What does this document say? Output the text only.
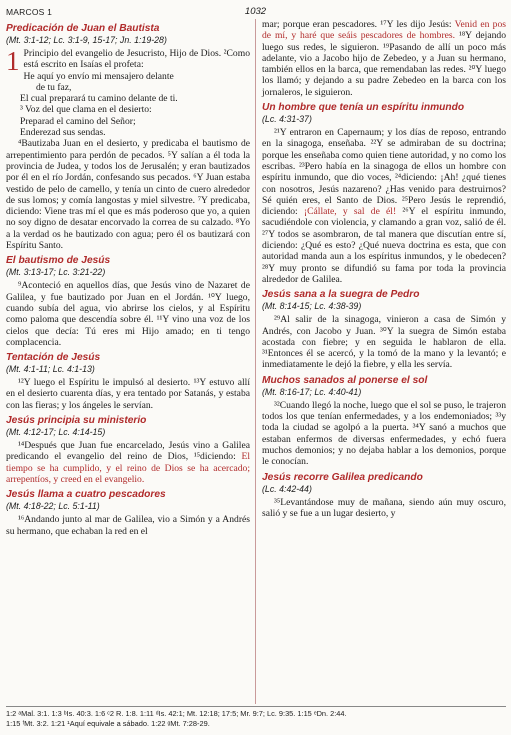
MARCOS 1	1032
Predicación de Juan el Bautista
(Mt. 3:1-12; Lc. 3:1-9, 15-17; Jn. 1:19-28)

1 Principio del evangelio de Jesucristo, Hijo de Dios. ²Como está escrito en Isaías el profeta:

He aquí yo envío mi mensajero delante
de tu faz,
El cual preparará tu camino delante de ti.
³ Voz del que clama en el desierto:
Preparad el camino del Señor;
Enderezad sus sendas.

⁴Bautizaba Juan en el desierto, y predicaba el bautismo de arrepentimiento para perdón de pecados. ⁵Y salían a él toda la provincia de Judea, y todos los de Jerusalén; y eran bautizados por él en el río Jordán, confesando sus pecados. ⁶Y Juan estaba vestido de pelo de camello, y tenía un cinto de cuero alrededor de sus lomos; y comía langostas y miel silvestre. ⁷Y predicaba, diciendo: Viene tras mí el que es más poderoso que yo, a quien no soy digno de desatar encorvado la correa de su calzado. ⁸Yo a la verdad os he bautizado con agua; pero él os bautizará con Espíritu Santo.

El bautismo de Jesús
(Mt. 3:13-17; Lc. 3:21-22)

⁹Aconteció en aquellos días, que Jesús vino de Nazaret de Galilea, y fue bautizado por Juan en el Jordán. ¹⁰Y luego, cuando subía del agua, vio abrirse los cielos, y al Espíritu como paloma que descendía sobre él. ¹¹Y vino una voz de los cielos que decía: Tú eres mi Hijo amado; en ti tengo complacencia.

Tentación de Jesús
(Mt. 4:1-11; Lc. 4:1-13)

¹²Y luego el Espíritu le impulsó al desierto. ¹³Y estuvo allí en el desierto cuarenta días, y era tentado por Satanás, y estaba con las fieras; y los ángeles le servían.

Jesús principia su ministerio
(Mt. 4:12-17; Lc. 4:14-15)

¹⁴Después que Juan fue encarcelado, Jesús vino a Galilea predicando el evangelio del reino de Dios, ¹⁵diciendo: El tiempo se ha cumplido, y el reino de Dios se ha acercado; arrepentíos, y creed en el evangelio.

Jesús llama a cuatro pescadores
(Mt. 4:18-22; Lc. 5:1-11)

¹⁶Andando junto al mar de Galilea, vio a Simón y a Andrés su hermano, que echaban la red en el

mar; porque eran pescadores. ¹⁷Y les dijo Jesús: Venid en pos de mí, y haré que seáis pescadores de hombres. ¹⁸Y dejando luego sus redes, le siguieron. ¹⁹Pasando de allí un poco más adelante, vio a Jacobo hijo de Zebedeo, y a Juan su hermano, también ellos en la barca, que remendaban las redes. ²⁰Y luego los llamó; y dejando a su padre Zebedeo en la barca con los jornaleros, le siguieron.

Un hombre que tenía un espíritu inmundo
(Lc. 4:31-37)

²¹Y entraron en Capernaum; y los días de reposo, entrando en la sinagoga, enseñaba. ²²Y se admiraban de su doctrina; porque les enseñaba como quien tiene autoridad, y no como los escribas. ²³Pero había en la sinagoga de ellos un hombre con espíritu inmundo, que dio voces, ²⁴diciendo: ¡Ah! ¿qué tienes con nosotros, Jesús nazareno? ¿Has venido para destruirnos? Sé quién eres, el Santo de Dios. ²⁵Pero Jesús le reprendió, diciendo: ¡Cállate, y sal de él! ²⁶Y el espíritu inmundo, sacudiéndole con violencia, y clamando a gran voz, salió de él. ²⁷Y todos se asombraron, de tal manera que discutían entre sí, diciendo: ¿Qué es esto? ¿Qué nueva doctrina es esta, que con autoridad manda aun a los espíritus inmundos, y le obedecen? ²⁸Y muy pronto se difundió su fama por toda la provincia alrededor de Galilea.

Jesús sana a la suegra de Pedro
(Mt. 8:14-15; Lc. 4:38-39)

²⁹Al salir de la sinagoga, vinieron a casa de Simón y Andrés, con Jacobo y Juan. ³⁰Y la suegra de Simón estaba acostada con fiebre; y en seguida le hablaron de ella. ³¹Entonces él se acercó, y la tomó de la mano y la levantó; e inmediatamente le dejó la fiebre, y ella les servía.

Muchos sanados al ponerse el sol
(Mt. 8:16-17; Lc. 4:40-41)

³²Cuando llegó la noche, luego que el sol se puso, le trajeron todos los que tenían enfermedades, y a los endemoniados; ³³y toda la ciudad se agolpó a la puerta. ³⁴Y sanó a muchos que estaban enfermos de diversas enfermedades, y echó fuera muchos demonios; y no dejaba hablar a los demonios, porque le conocían.

Jesús recorre Galilea predicando
(Lc. 4:42-44)

³⁵Levantándose muy de mañana, siendo aún muy oscuro, salió y se fue a un lugar desierto, y

1:2 ᵃMal. 3:1. 1:3 ᵇIs. 40:3. 1:6 ᶜ2 R. 1:8. 1:11 ᵈIs. 42:1; Mt. 12:18; 17:5; Mr. 9:7; Lc. 9:35. 1:15 ᵉDn. 2:44.
1:15 ᶠMt. 3:2. 1:21 ¹Aquí equivale a sábado. 1:22 ᵍMt. 7:28-29.
